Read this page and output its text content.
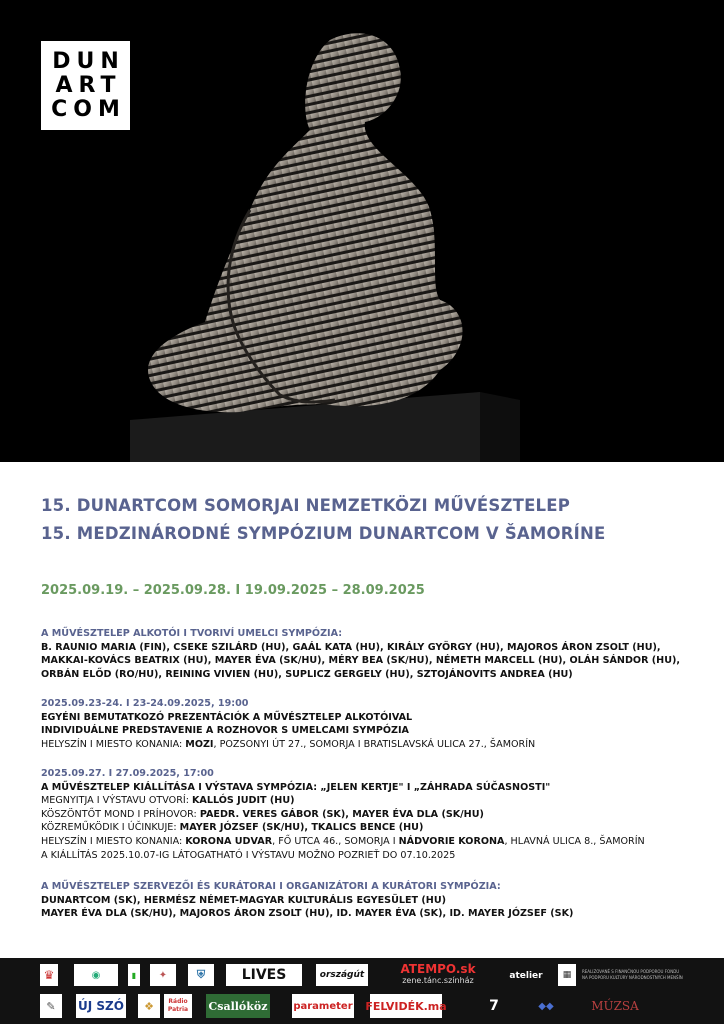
DUN
ART
COM
15. DUNARTCOM SOMORJAI NEMZETKÖZI MŰVÉSZTELEP
15. MEDZINÁRODNÉ SYMPÓZIUM DUNARTCOM V ŠAMORÍNE
2025.09.19. – 2025.09.28. I 19.09.2025 – 28.09.2025
A MŰVÉSZTELEP ALKOTÓI I TVORIVÍ UMELCI SYMPÓZIA:
B. RAUNIO MARIA (FIN), CSEKE SZILÁRD (HU), GAÁL KATA (HU), KIRÁLY GYÖRGY (HU), MAJOROS ÁRON ZSOLT (HU),
MAKKAI-KOVÁCS BEATRIX (HU), MAYER ÉVA (SK/HU), MÉRY BEA (SK/HU), NÉMETH MARCELL (HU), OLÁH SÁNDOR (HU),
ORBÁN ELŐD (RO/HU), REINING VIVIEN (HU), SUPLICZ GERGELY (HU), SZTOJÁNOVITS ANDREA (HU)
2025.09.23-24. I 23-24.09.2025, 19:00
EGYÉNI BEMUTATKOZÓ PREZENTÁCIÓK A MŰVÉSZTELEP ALKOTÓIVAL
INDIVIDUÁLNE PREDSTAVENIE A ROZHOVOR S UMELCAMI SYMPÓZIA
HELYSZÍN I MIESTO KONANIA: MOZI, POZSONYI ÚT 27., SOMORJA I BRATISLAVSKÁ ULICA 27., ŠAMORÍN
2025.09.27. I 27.09.2025, 17:00
A MŰVÉSZTELEP KIÁLLÍTÁSA I VÝSTAVA SYMPÓZIA: „JELEN KERTJE" I „ZÁHRADA SÚČASNOSTI"
MEGNYITJA I VÝSTAVU OTVORÍ: KALLÓS JUDIT (HU)
KÖSZÖNTŐT MOND I PRÍHOVOR: PAEDR. VERES GÁBOR (SK), MAYER ÉVA DLA (SK/HU)
KÖZREMŰKÖDIK I ÚČINKUJE: MAYER JÓZSEF (SK/HU), TKALICS BENCE (HU)
HELYSZÍN I MIESTO KONANIA: KORONA UDVAR, FŐ UTCA 46., SOMORJA I NÁDVORIE KORONA, HLAVNÁ ULICA 8., ŠAMORÍN
A KIÁLLÍTÁS 2025.10.07-IG LÁTOGATHATÓ I VÝSTAVU MOŽNO POZRIEŤ DO 07.10.2025
A MŰVÉSZTELEP SZERVEZŐI ÉS KURÁTORAI I ORGANIZÁTORI A KURÁTORI SYMPÓZIA:
DUNARTCOM (SK), HERMÉSZ NÉMET-MAGYAR KULTURÁLIS EGYESÜLET (HU)
MAYER ÉVA DLA (SK/HU), MAJOROS ÁRON ZSOLT (HU), ID. MAYER ÉVA (SK), ID. MAYER JÓZSEF (SK)
♛	◉	▮ ✦	⛨	LIVES	országút	ATEMPO.sk
zene.tánc.színház	atelier ▦	REALIZOVANÉ S FINANČNOU PODPOROU FONDU NA PODPORU KULTÚRY NÁRODNOSTNÝCH MENŠÍN
✎ ÚJ SZÓ ❖	Rádio Patria	Csallóköz	parameter FELVIDÉK.ma	7	◆◆	MÚZSA
